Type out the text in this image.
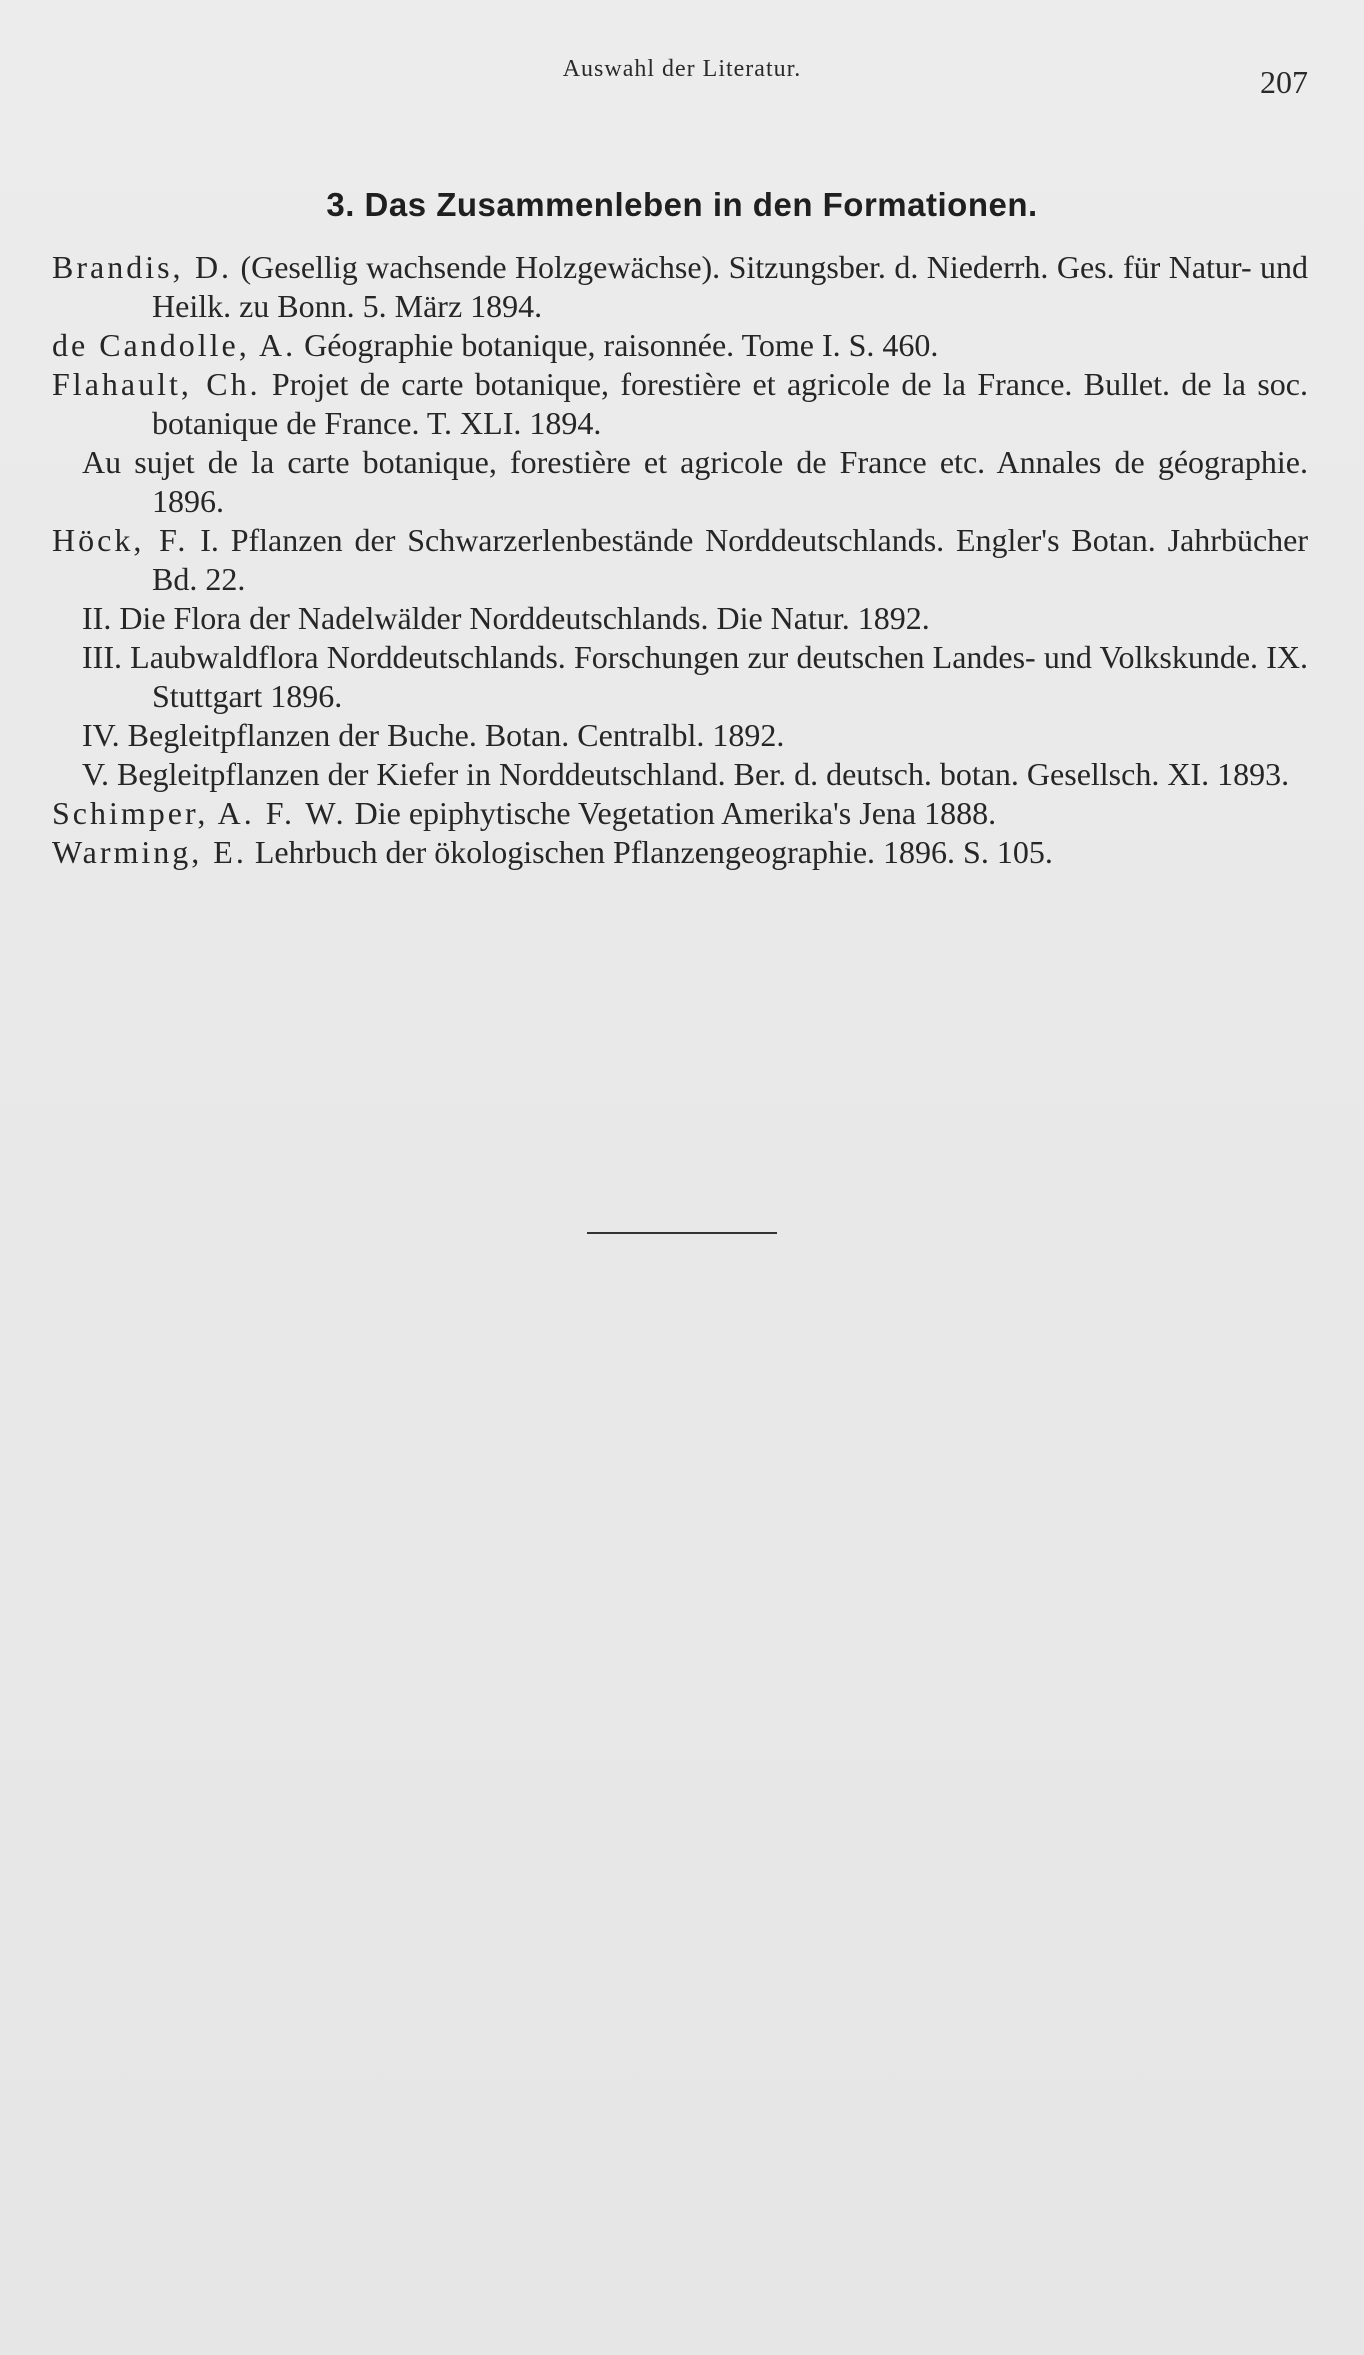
Auswahl der Literatur.	207
3. Das Zusammenleben in den Formationen.

Brandis, D. (Gesellig wachsende Holzgewächse). Sitzungsber. d. Niederrh. Ges. für Natur- und Heilk. zu Bonn. 5. März 1894.

de Candolle, A. Géographie botanique, raisonnée. Tome I. S. 460.

Flahault, Ch. Projet de carte botanique, forestière et agricole de la France. Bullet. de la soc. botanique de France. T. XLI. 1894.

Au sujet de la carte botanique, forestière et agricole de France etc. Annales de géographie. 1896.

Höck, F. I. Pflanzen der Schwarzerlenbestände Norddeutschlands. Engler's Botan. Jahrbücher Bd. 22.

II. Die Flora der Nadelwälder Norddeutschlands. Die Natur. 1892.

III. Laubwaldflora Norddeutschlands. Forschungen zur deutschen Landes- und Volkskunde. IX. Stuttgart 1896.

IV. Begleitpflanzen der Buche. Botan. Centralbl. 1892.

V. Begleitpflanzen der Kiefer in Norddeutschland. Ber. d. deutsch. botan. Gesellsch. XI. 1893.

Schimper, A. F. W. Die epiphytische Vegetation Amerika's Jena 1888.

Warming, E. Lehrbuch der ökologischen Pflanzengeographie. 1896. S. 105.
